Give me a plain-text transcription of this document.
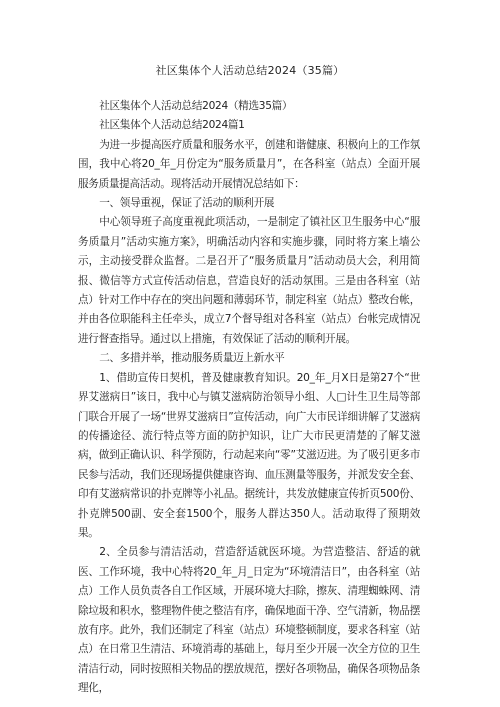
社区集体个人活动总结2024（35篇）

社区集体个人活动总结2024（精选35篇）

社区集体个人活动总结2024篇1

为进一步提高医疗质量和服务水平，创建和谐健康、积极向上的工作氛围，我中心将20_年_月份定为“服务质量月”，在各科室（站点）全面开展服务质量提高活动。现将活动开展情况总结如下：

一、领导重视，保证了活动的顺利开展

中心领导班子高度重视此项活动，一是制定了镇社区卫生服务中心“服务质量月”活动实施方案》，明确活动内容和实施步骤，同时将方案上墙公示，主动接受群众监督。二是召开了“服务质量月”活动动员大会，利用简报、微信等方式宣传活动信息，营造良好的活动氛围。三是由各科室（站点）针对工作中存在的突出问题和薄弱环节，制定科室（站点）整改台帐，并由各位职能科主任牵头，成立7个督导组对各科室（站点）台帐完成情况进行督查指导。通过以上措施，有效保证了活动的顺利开展。

二、多措并举，推动服务质量迈上新水平

1、借助宣传日契机，普及健康教育知识。20_年_月X日是第27个“世界艾滋病日”该日，我中心与镇艾滋病防治领导小组、人□计生卫生局等部门联合开展了一场“世界艾滋病日”宣传活动，向广大市民详细讲解了艾滋病的传播途径、流行特点等方面的防护知识，让广大市民更清楚的了解艾滋病，做到正确认识、科学预防，行动起来向“零”艾滋迈进。为了吸引更多市民参与活动，我们还现场提供健康咨询、血压测量等服务，并派发安全套、印有艾滋病常识的扑克牌等小礼品。据统计，共发放健康宣传折页500份、扑克牌500副、安全套1500个，服务人群达350人。活动取得了预期效果。

2、全员参与清洁活动，营造舒适就医环境。为营造整洁、舒适的就医、工作环境，我中心特将20_年_月_日定为“环境清洁日”，由各科室（站点）工作人员负责各自工作区域，开展环境大扫除，擦灰、清理蜘蛛网、清除垃圾和积水，整理物件使之整洁有序，确保地面干净、空气清新，物品摆放有序。此外，我们还制定了科室（站点）环境整顿制度，要求各科室（站点）在日常卫生清洁、环境消毒的基础上，每月至少开展一次全方位的卫生清洁行动，同时按照相关物品的摆放规范，摆好各项物品，确保各项物品条理化，
